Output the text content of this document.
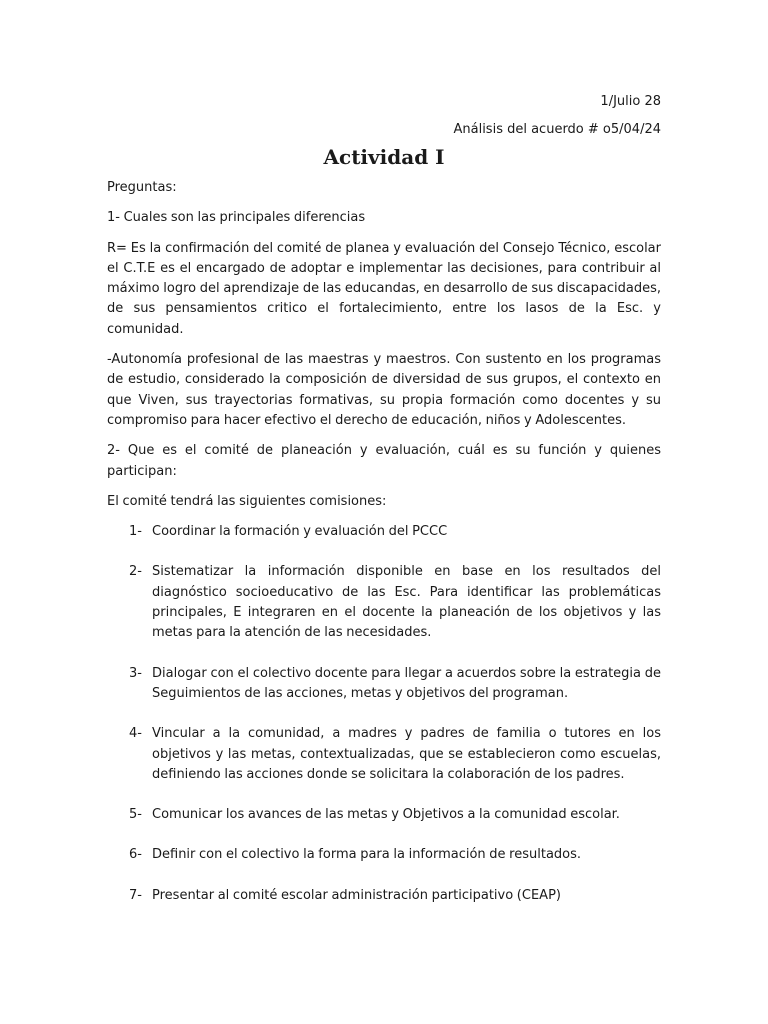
1/Julio 28

Análisis del acuerdo # o5/04/24

Actividad I

Preguntas:

1- Cuales son las principales diferencias

R= Es la confirmación del comité de planea y evaluación del Consejo Técnico, escolar el C.T.E es el encargado de adoptar e implementar las decisiones, para contribuir al máximo logro del aprendizaje de las educandas, en desarrollo de sus discapacidades, de sus pensamientos critico el fortalecimiento, entre los lasos de la Esc. y comunidad.

-Autonomía profesional de las maestras y maestros. Con sustento en los programas de estudio, considerado la composición de diversidad de sus grupos, el contexto en que Viven, sus trayectorias formativas, su propia formación como docentes y su compromiso para hacer efectivo el derecho de educación, niños y Adolescentes.

2- Que es el comité de planeación y evaluación, cuál es su función y quienes participan:

El comité tendrá las siguientes comisiones:

1- Coordinar la formación y evaluación del PCCC
2- Sistematizar la información disponible en base en los resultados del diagnóstico socioeducativo de las Esc. Para identificar las problemáticas principales, E integraren en el docente la planeación de los objetivos y las metas para la atención de las necesidades.
3- Dialogar con el colectivo docente para llegar a acuerdos sobre la estrategia de Seguimientos de las acciones, metas y objetivos del programan.
4- Vincular a la comunidad, a madres y padres de familia o tutores en los objetivos y las metas, contextualizadas, que se establecieron como escuelas, definiendo las acciones donde se solicitara la colaboración de los padres.
5- Comunicar los avances de las metas y Objetivos a la comunidad escolar.
6- Definir con el colectivo la forma para la información de resultados.
7- Presentar al comité escolar administración participativo (CEAP)
